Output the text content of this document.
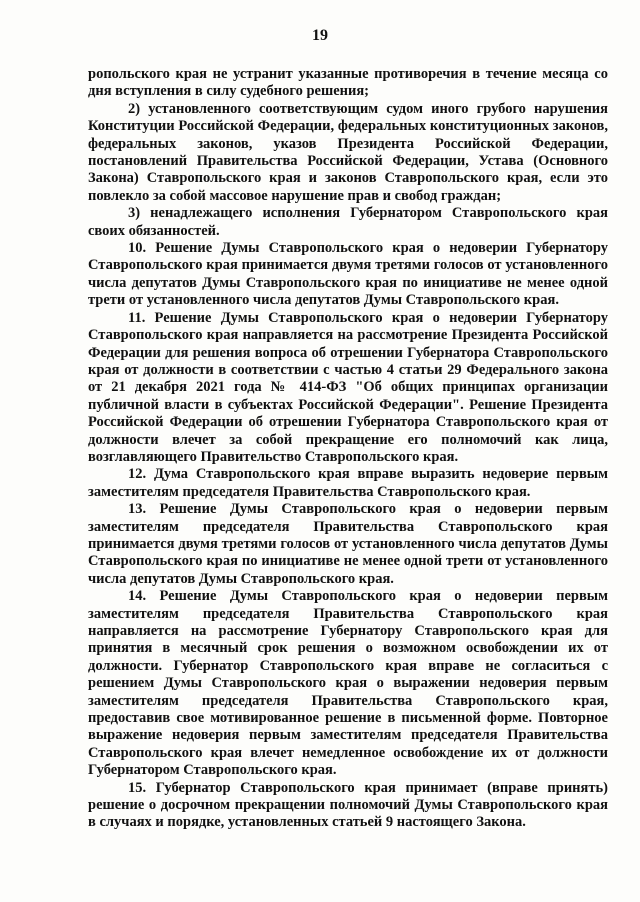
19

ропольского края не устранит указанные противоречия в течение месяца со дня вступления в силу судебного решения;

2) установленного соответствующим судом иного грубого нарушения Конституции Российской Федерации, федеральных конституционных законов, федеральных законов, указов Президента Российской Федерации, постановлений Правительства Российской Федерации, Устава (Основного Закона) Ставропольского края и законов Ставропольского края, если это повлекло за собой массовое нарушение прав и свобод граждан;

3) ненадлежащего исполнения Губернатором Ставропольского края своих обязанностей.

10. Решение Думы Ставропольского края о недоверии Губернатору Ставропольского края принимается двумя третями голосов от установленного числа депутатов Думы Ставропольского края по инициативе не менее одной трети от установленного числа депутатов Думы Ставропольского края.

11. Решение Думы Ставропольского края о недоверии Губернатору Ставропольского края направляется на рассмотрение Президента Российской Федерации для решения вопроса об отрешении Губернатора Ставропольского края от должности в соответствии с частью 4 статьи 29 Федерального закона от 21 декабря 2021 года № 414-ФЗ "Об общих принципах организации публичной власти в субъектах Российской Федерации". Решение Президента Российской Федерации об отрешении Губернатора Ставропольского края от должности влечет за собой прекращение его полномочий как лица, возглавляющего Правительство Ставропольского края.

12. Дума Ставропольского края вправе выразить недоверие первым заместителям председателя Правительства Ставропольского края.

13. Решение Думы Ставропольского края о недоверии первым заместителям председателя Правительства Ставропольского края принимается двумя третями голосов от установленного числа депутатов Думы Ставропольского края по инициативе не менее одной трети от установленного числа депутатов Думы Ставропольского края.

14. Решение Думы Ставропольского края о недоверии первым заместителям председателя Правительства Ставропольского края направляется на рассмотрение Губернатору Ставропольского края для принятия в месячный срок решения о возможном освобождении их от должности. Губернатор Ставропольского края вправе не согласиться с решением Думы Ставропольского края о выражении недоверия первым заместителям председателя Правительства Ставропольского края, предоставив свое мотивированное решение в письменной форме. Повторное выражение недоверия первым заместителям председателя Правительства Ставропольского края влечет немедленное освобождение их от должности Губернатором Ставропольского края.

15. Губернатор Ставропольского края принимает (вправе принять) решение о досрочном прекращении полномочий Думы Ставропольского края в случаях и порядке, установленных статьей 9 настоящего Закона.
